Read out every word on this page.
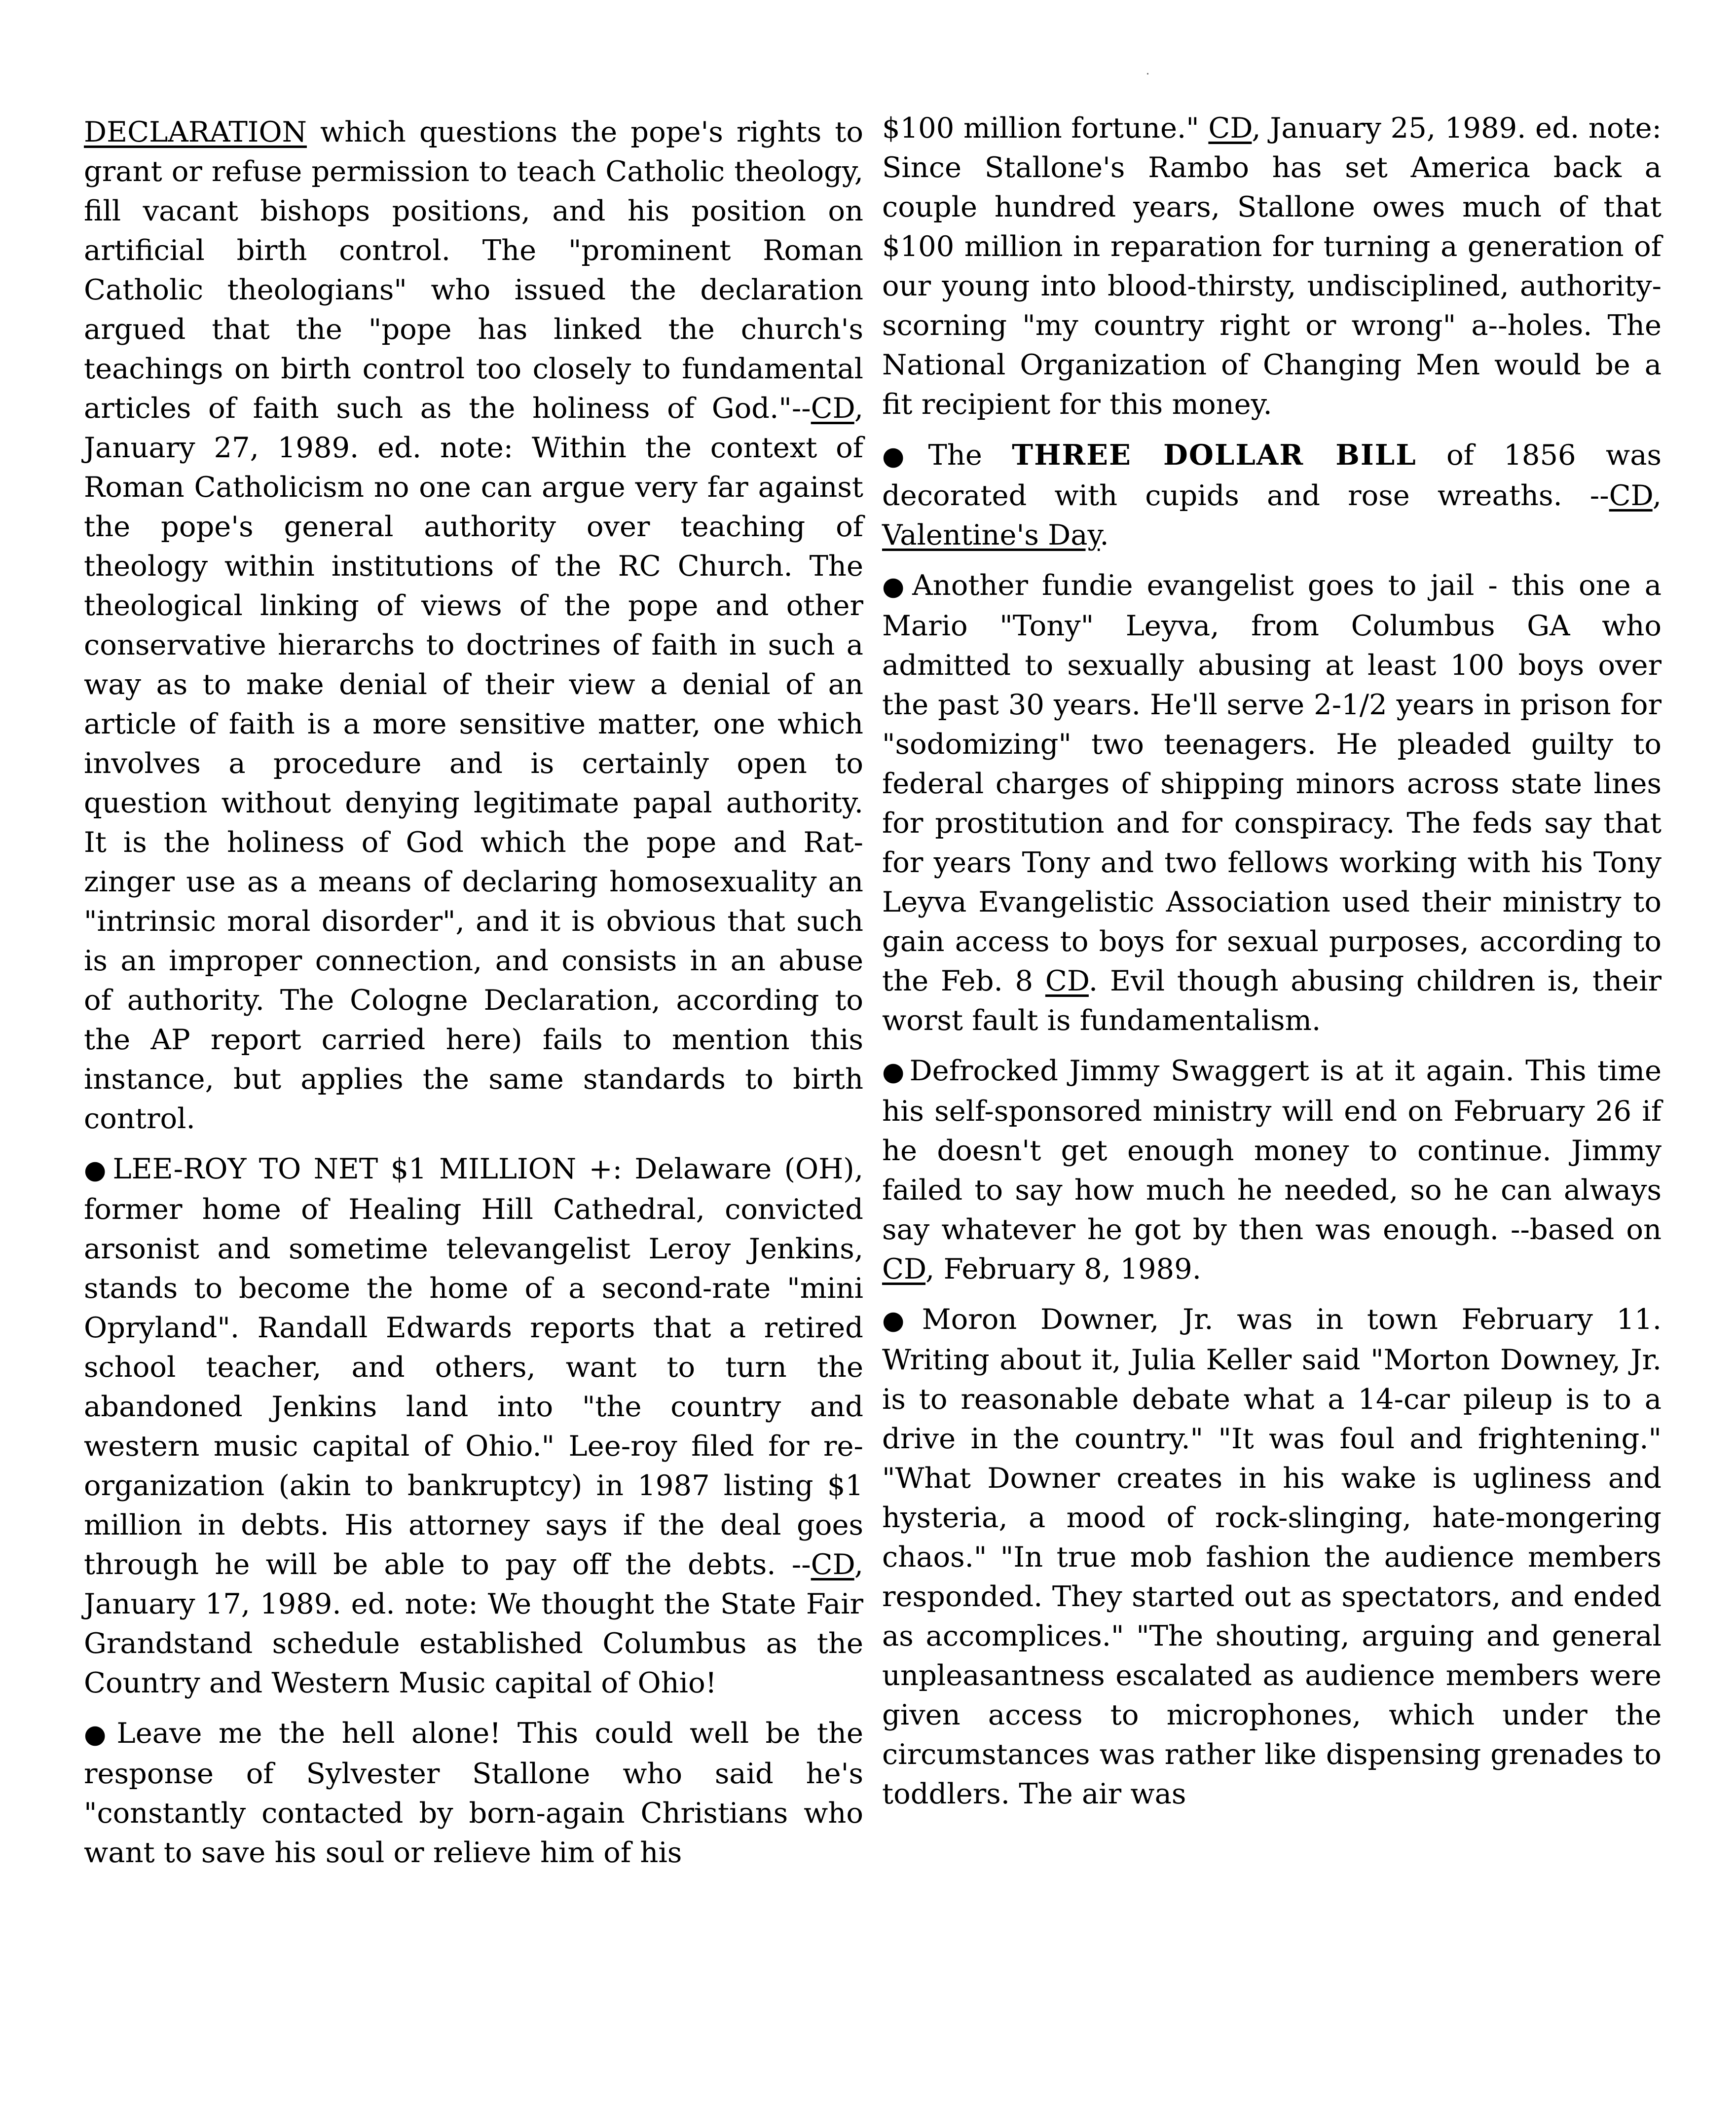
DECLARATION which questions the pope's rights to grant or refuse permission to teach Catholic theology, fill vacant bishops positions, and his position on artificial birth control. The "prominent Roman Catholic theologians" who issued the declaration argued that the "pope has linked the church's teachings on birth control too closely to fundamental articles of faith such as the holiness of God."--CD, January 27, 1989. ed. note: Within the context of Roman Catholicism no one can argue very far against the pope's general authority over teaching of theology within institutions of the RC Church. The theological linking of views of the pope and other conservative hierarchs to doctrines of faith in such a way as to make denial of their view a denial of an article of faith is a more sensitive matter, one which involves a procedure and is certainly open to question without denying legitimate papal authority. It is the holiness of God which the pope and Rat-zinger use as a means of declaring homosexuality an "intrinsic moral disorder", and it is obvious that such is an improper connection, and consists in an abuse of authority. The Cologne Declaration, according to the AP report carried here) fails to mention this instance, but applies the same standards to birth control.

● LEE-ROY TO NET $1 MILLION +: Delaware (OH), former home of Healing Hill Cathedral, convicted arsonist and sometime televangelist Leroy Jenkins, stands to become the home of a second-rate "mini Opryland". Randall Edwards reports that a retired school teacher, and others, want to turn the abandoned Jenkins land into "the country and western music capital of Ohio." Lee-roy filed for re-organization (akin to bankruptcy) in 1987 listing $1 million in debts. His attorney says if the deal goes through he will be able to pay off the debts. --CD, January 17, 1989. ed. note: We thought the State Fair Grandstand schedule established Columbus as the Country and Western Music capital of Ohio!

● Leave me the hell alone! This could well be the response of Sylvester Stallone who said he's "constantly contacted by born-again Christians who want to save his soul or relieve him of his

$100 million fortune." CD, January 25, 1989. ed. note: Since Stallone's Rambo has set America back a couple hundred years, Stallone owes much of that $100 million in reparation for turning a generation of our young into blood-thirsty, undisciplined, authority-scorning "my country right or wrong" a--holes. The National Organization of Changing Men would be a fit recipient for this money.

● The THREE DOLLAR BILL of 1856 was decorated with cupids and rose wreaths. --CD, Valentine's Day.

● Another fundie evangelist goes to jail - this one a Mario "Tony" Leyva, from Columbus GA who admitted to sexually abusing at least 100 boys over the past 30 years. He'll serve 2-1/2 years in prison for "sodomizing" two teenagers. He pleaded guilty to federal charges of shipping minors across state lines for prostitution and for conspiracy. The feds say that for years Tony and two fellows working with his Tony Leyva Evangelistic Association used their ministry to gain access to boys for sexual purposes, according to the Feb. 8 CD. Evil though abusing children is, their worst fault is fundamentalism.

● Defrocked Jimmy Swaggert is at it again. This time his self-sponsored ministry will end on February 26 if he doesn't get enough money to continue. Jimmy failed to say how much he needed, so he can always say whatever he got by then was enough. --based on CD, February 8, 1989.

● Moron Downer, Jr. was in town February 11. Writing about it, Julia Keller said "Morton Downey, Jr. is to reasonable debate what a 14-car pileup is to a drive in the country." "It was foul and frightening." "What Downer creates in his wake is ugliness and hysteria, a mood of rock-slinging, hate-mongering chaos." "In true mob fashion the audience members responded. They started out as spectators, and ended as accomplices." "The shouting, arguing and general unpleasantness escalated as audience members were given access to microphones, which under the circumstances was rather like dispensing grenades to toddlers. The air was
